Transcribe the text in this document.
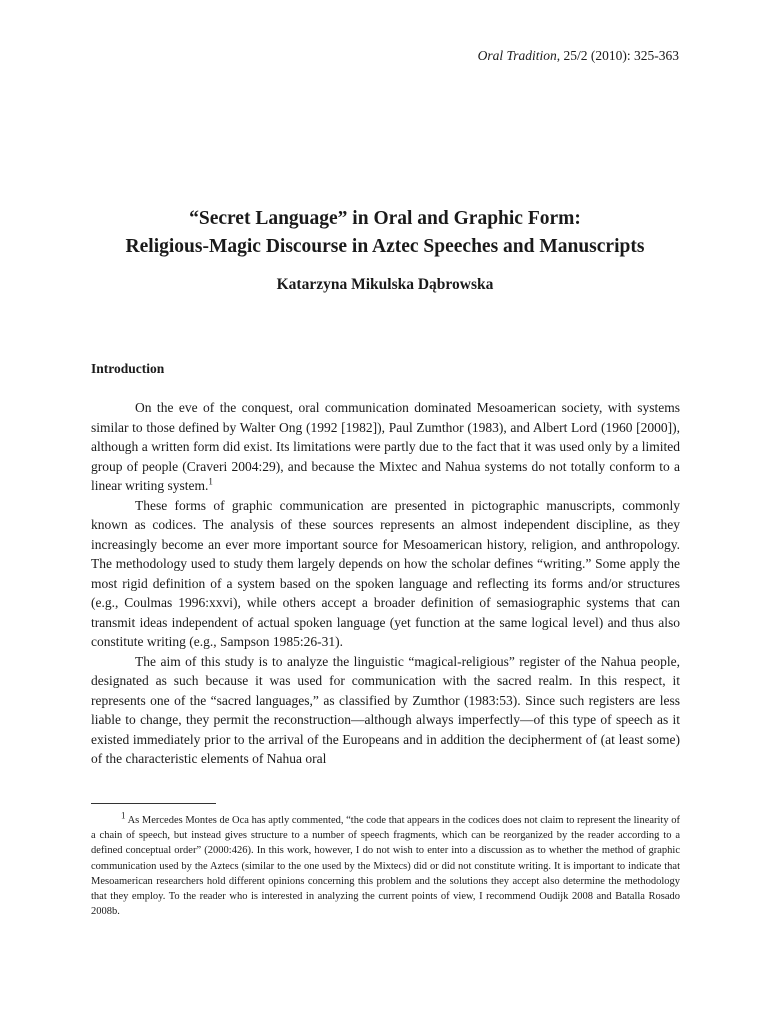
Oral Tradition, 25/2 (2010): 325-363
“Secret Language” in Oral and Graphic Form:
Religious-Magic Discourse in Aztec Speeches and Manuscripts
Katarzyna Mikulska Dąbrowska
Introduction

On the eve of the conquest, oral communication dominated Mesoamerican society, with systems similar to those defined by Walter Ong (1992 [1982]), Paul Zumthor (1983), and Albert Lord (1960 [2000]), although a written form did exist. Its limitations were partly due to the fact that it was used only by a limited group of people (Craveri 2004:29), and because the Mixtec and Nahua systems do not totally conform to a linear writing system.$^1$

These forms of graphic communication are presented in pictographic manuscripts, commonly known as codices. The analysis of these sources represents an almost independent discipline, as they increasingly become an ever more important source for Mesoamerican history, religion, and anthropology. The methodology used to study them largely depends on how the scholar defines “writing.” Some apply the most rigid definition of a system based on the spoken language and reflecting its forms and/or structures (e.g., Coulmas 1996:xxvi), while others accept a broader definition of semasiographic systems that can transmit ideas independent of actual spoken language (yet function at the same logical level) and thus also constitute writing (e.g., Sampson 1985:26-31).

The aim of this study is to analyze the linguistic “magical-religious” register of the Nahua people, designated as such because it was used for communication with the sacred realm. In this respect, it represents one of the “sacred languages,” as classified by Zumthor (1983:53). Since such registers are less liable to change, they permit the reconstruction—although always imperfectly—of this type of speech as it existed immediately prior to the arrival of the Europeans and in addition the decipherment of (at least some) of the characteristic elements of Nahua oral

$^1$ As Mercedes Montes de Oca has aptly commented, “the code that appears in the codices does not claim to represent the linearity of a chain of speech, but instead gives structure to a number of speech fragments, which can be reorganized by the reader according to a defined conceptual order” (2000:426). In this work, however, I do not wish to enter into a discussion as to whether the method of graphic communication used by the Aztecs (similar to the one used by the Mixtecs) did or did not constitute writing. It is important to indicate that Mesoamerican researchers hold different opinions concerning this problem and the solutions they accept also determine the methodology that they employ. To the reader who is interested in analyzing the current points of view, I recommend Oudijk 2008 and Batalla Rosado 2008b.
